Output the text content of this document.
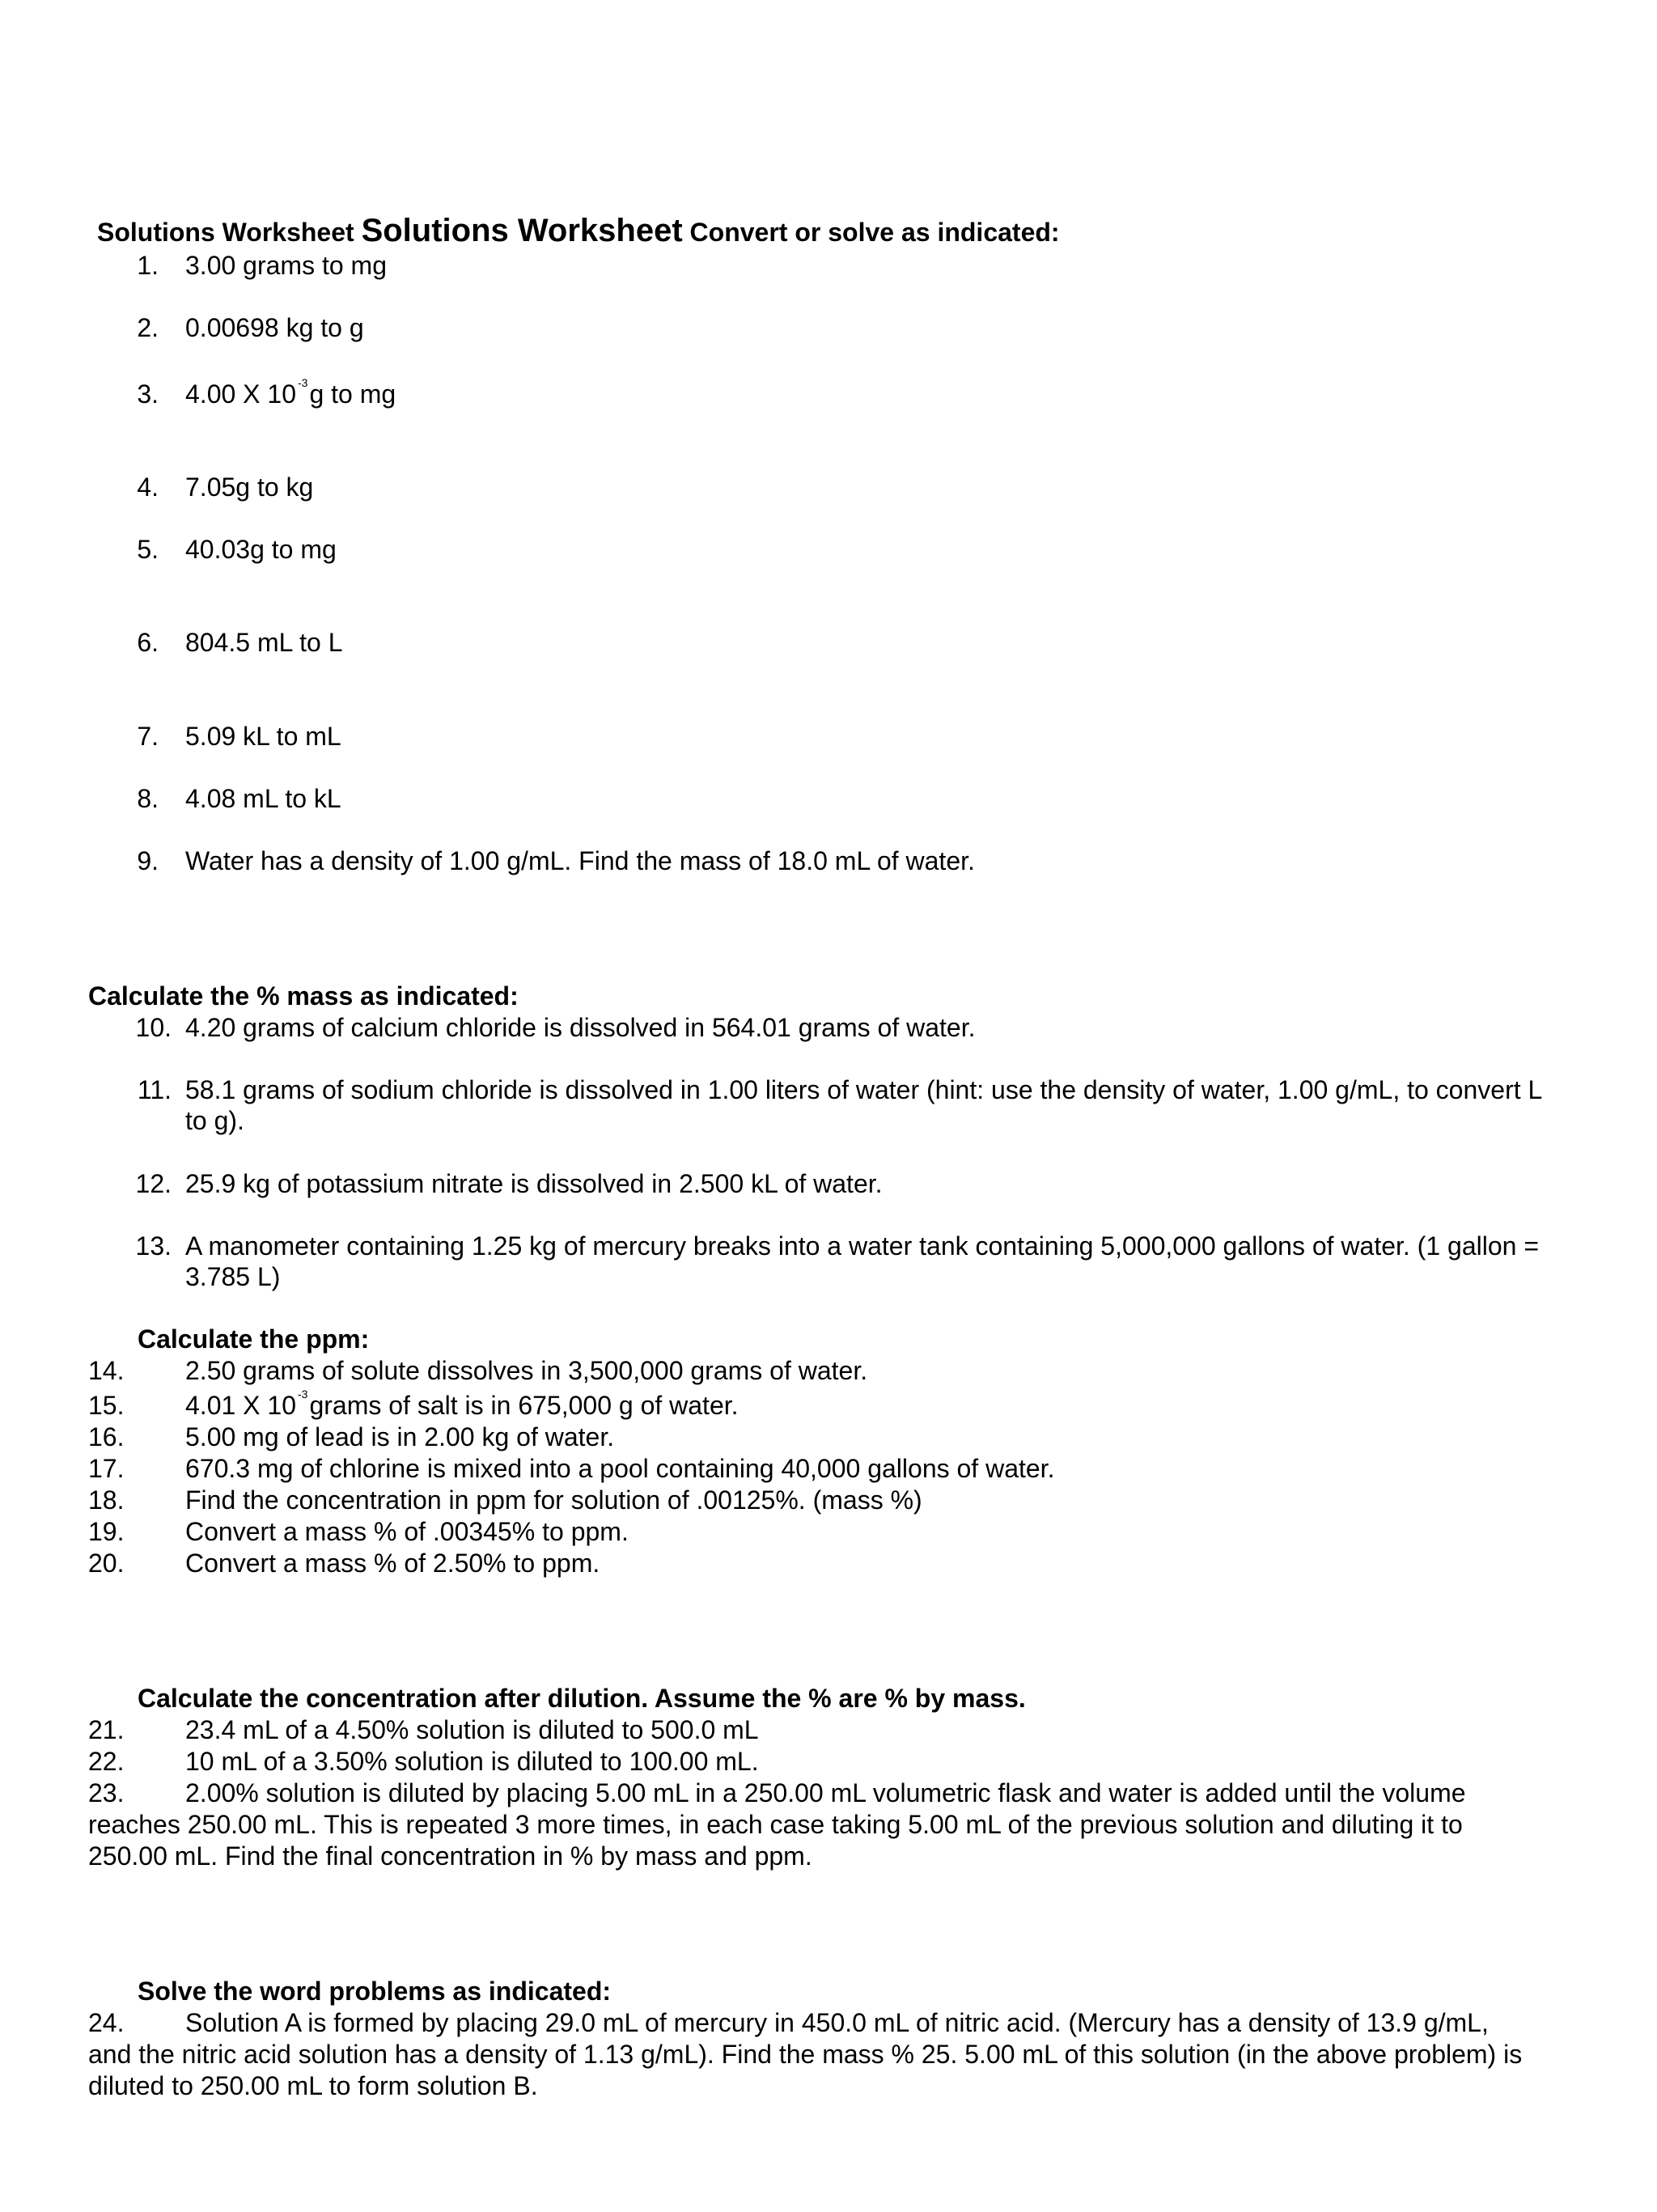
Solutions Worksheet Solutions Worksheet Convert or solve as indicated:
1. 3.00 grams to mg
2. 0.00698 kg to g
3. 4.00 X 10 $^{-3}$g to mg
4. 7.05g to kg
5. 40.03g to mg
6. 804.5 mL to L
7. 5.09 kL to mL
8. 4.08 mL to kL
9. Water has a density of 1.00 g/mL. Find the mass of 18.0 mL of water.
Calculate the % mass as indicated:
10. 4.20 grams of calcium chloride is dissolved in 564.01 grams of water.
11. 58.1 grams of sodium chloride is dissolved in 1.00 liters of water (hint: use the density of water, 1.00 g/mL, to convert L
to g).
12. 25.9 kg of potassium nitrate is dissolved in 2.500 kL of water.
13. A manometer containing 1.25 kg of mercury breaks into a water tank containing 5,000,000 gallons of water. (1 gallon =
3.785 L)
Calculate the ppm:
14. 2.50 grams of solute dissolves in 3,500,000 grams of water.
15. 4.01 X 10 $^{-3}$grams of salt is in 675,000 g of water.
16. 5.00 mg of lead is in 2.00 kg of water.
17. 670.3 mg of chlorine is mixed into a pool containing 40,000 gallons of water.
18. Find the concentration in ppm for solution of .00125%. (mass %)
19. Convert a mass % of .00345% to ppm.
20. Convert a mass % of 2.50% to ppm.
Calculate the concentration after dilution. Assume the % are % by mass.
21. 23.4 mL of a 4.50% solution is diluted to 500.0 mL
22. 10 mL of a 3.50% solution is diluted to 100.00 mL.
23. 2.00% solution is diluted by placing 5.00 mL in a 250.00 mL volumetric flask and water is added until the volume
reaches 250.00 mL. This is repeated 3 more times, in each case taking 5.00 mL of the previous solution and diluting it to
250.00 mL. Find the final concentration in % by mass and ppm.
Solve the word problems as indicated:
24. Solution A is formed by placing 29.0 mL of mercury in 450.0 mL of nitric acid. (Mercury has a density of 13.9 g/mL,
and the nitric acid solution has a density of 1.13 g/mL). Find the mass % 25. 5.00 mL of this solution (in the above problem) is
diluted to 250.00 mL to form solution B.
